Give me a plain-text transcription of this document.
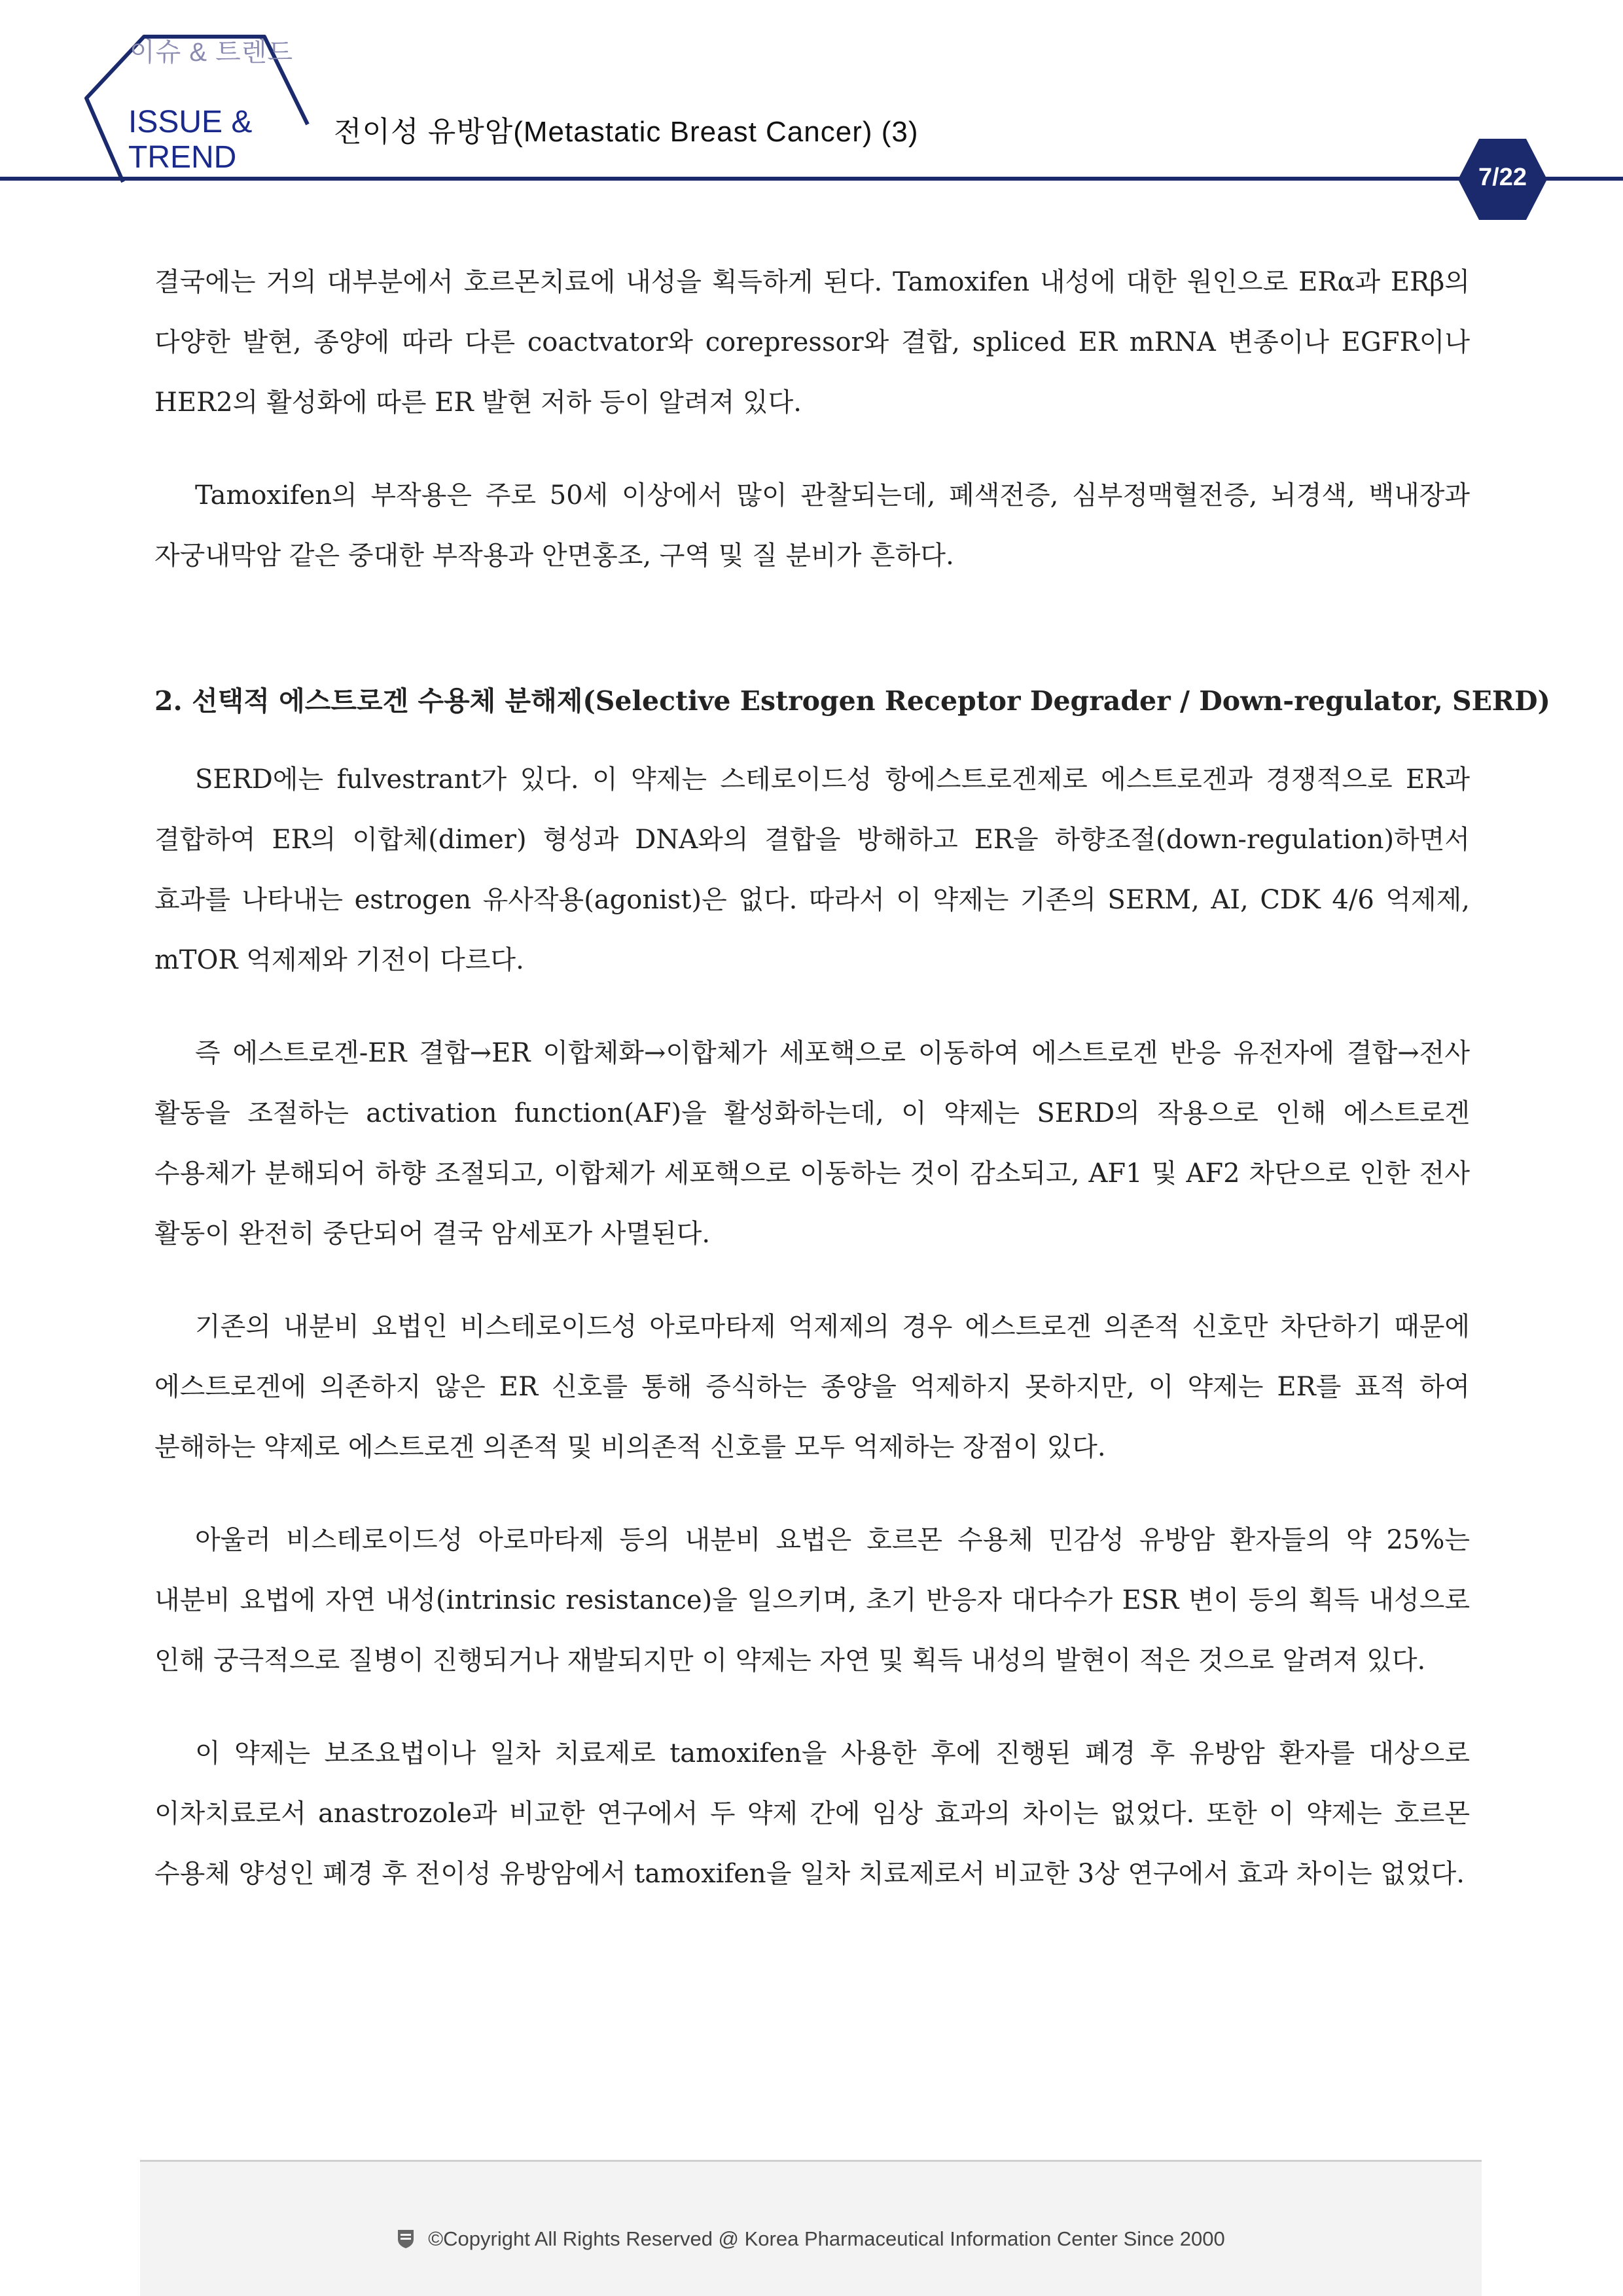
이슈 & 트렌드
ISSUE &
TREND
전이성 유방암(Metastatic Breast Cancer) (3)
7/22

결국에는 거의 대부분에서 호르몬치료에 내성을 획득하게 된다. Tamoxifen 내성에 대한 원인으로 ERα과 ERβ의 다양한 발현, 종양에 따라 다른 coactvator와 corepressor와 결합, spliced ER mRNA 변종이나 EGFR이나 HER2의 활성화에 따른 ER 발현 저하 등이 알려져 있다.

Tamoxifen의 부작용은 주로 50세 이상에서 많이 관찰되는데, 폐색전증, 심부정맥혈전증, 뇌경색, 백내장과 자궁내막암 같은 중대한 부작용과 안면홍조, 구역 및 질 분비가 흔하다.

2. 선택적 에스트로겐 수용체 분해제(Selective Estrogen Receptor Degrader / Down-regulator, SERD)

SERD에는 fulvestrant가 있다. 이 약제는 스테로이드성 항에스트로겐제로 에스트로겐과 경쟁적으로 ER과 결합하여 ER의 이합체(dimer) 형성과 DNA와의 결합을 방해하고 ER을 하향조절(down-regulation)하면서 효과를 나타내는 estrogen 유사작용(agonist)은 없다. 따라서 이 약제는 기존의 SERM, AI, CDK 4/6 억제제, mTOR 억제제와 기전이 다르다.

즉 에스트로겐-ER 결합→ER 이합체화→이합체가 세포핵으로 이동하여 에스트로겐 반응 유전자에 결합→전사 활동을 조절하는 activation function(AF)을 활성화하는데, 이 약제는 SERD의 작용으로 인해 에스트로겐 수용체가 분해되어 하향 조절되고, 이합체가 세포핵으로 이동하는 것이 감소되고, AF1 및 AF2 차단으로 인한 전사 활동이 완전히 중단되어 결국 암세포가 사멸된다.

기존의 내분비 요법인 비스테로이드성 아로마타제 억제제의 경우 에스트로겐 의존적 신호만 차단하기 때문에 에스트로겐에 의존하지 않은 ER 신호를 통해 증식하는 종양을 억제하지 못하지만, 이 약제는 ER를 표적 하여 분해하는 약제로 에스트로겐 의존적 및 비의존적 신호를 모두 억제하는 장점이 있다.

아울러 비스테로이드성 아로마타제 등의 내분비 요법은 호르몬 수용체 민감성 유방암 환자들의 약 25%는 내분비 요법에 자연 내성(intrinsic resistance)을 일으키며, 초기 반응자 대다수가 ESR 변이 등의 획득 내성으로 인해 궁극적으로 질병이 진행되거나 재발되지만 이 약제는 자연 및 획득 내성의 발현이 적은 것으로 알려져 있다.

이 약제는 보조요법이나 일차 치료제로 tamoxifen을 사용한 후에 진행된 폐경 후 유방암 환자를 대상으로 이차치료로서 anastrozole과 비교한 연구에서 두 약제 간에 임상 효과의 차이는 없었다. 또한 이 약제는 호르몬 수용체 양성인 폐경 후 전이성 유방암에서 tamoxifen을 일차 치료제로서 비교한 3상 연구에서 효과 차이는 없었다.

©Copyright All Rights Reserved @ Korea Pharmaceutical Information Center Since 2000
